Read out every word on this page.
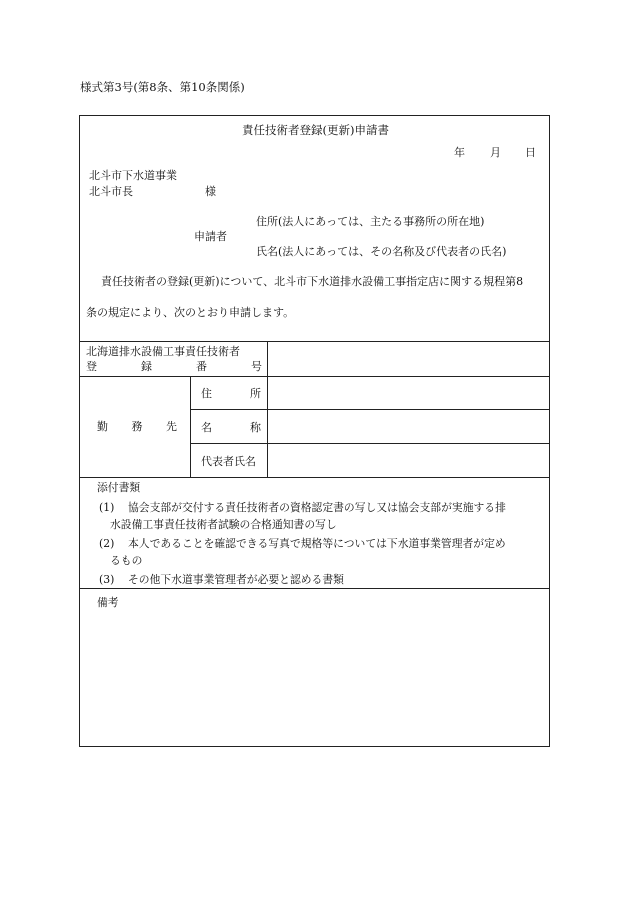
様式第3号(第8条、第10条関係)
責任技術者登録(更新)申請書
年 月 日
北斗市下水道事業
北斗市長	様
住所(法人にあっては、主たる事務所の所在地)
申請者
氏名(法人にあっては、その名称及び代表者の氏名)
責任技術者の登録(更新)について、北斗市下水道排水設備工事指定店に関する規程第8
条の規定により、次のとおり申請します。
北海道排水設備工事責任技術者
登	録	番	号
勤 務 先
住	所
名	称
代表者氏名
添付書類
(1) 協会支部が交付する責任技術者の資格認定書の写し又は協会支部が実施する排
水設備工事責任技術者試験の合格通知書の写し
(2) 本人であることを確認できる写真で規格等については下水道事業管理者が定め
るもの
(3) その他下水道事業管理者が必要と認める書類
備考
